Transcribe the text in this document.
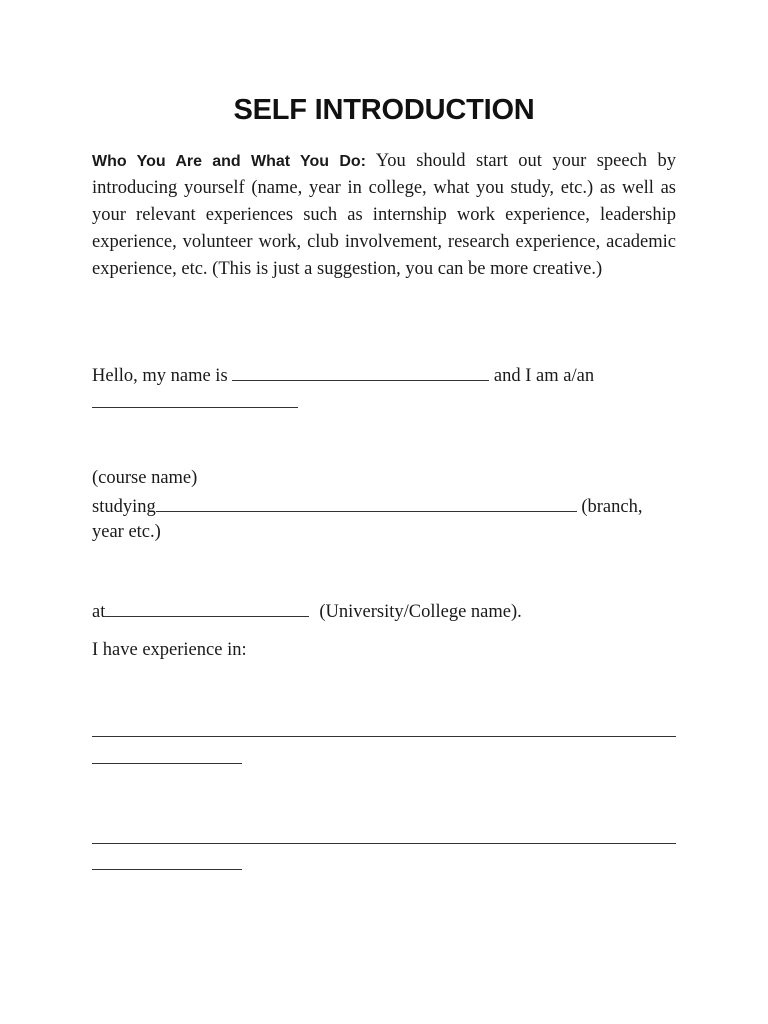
SELF INTRODUCTION

Who You Are and What You Do: You should start out your speech by introducing yourself (name, year in college, what you study, etc.) as well as your relevant experiences such as internship work experience, leadership experience, volunteer work, club involvement, research experience, academic experience, etc. (This is just a suggestion, you can be more creative.)

Hello, my name is	and I am a/an
(course name)
studying	(branch,
year etc.)
at	(University/College name).
I have experience in:
